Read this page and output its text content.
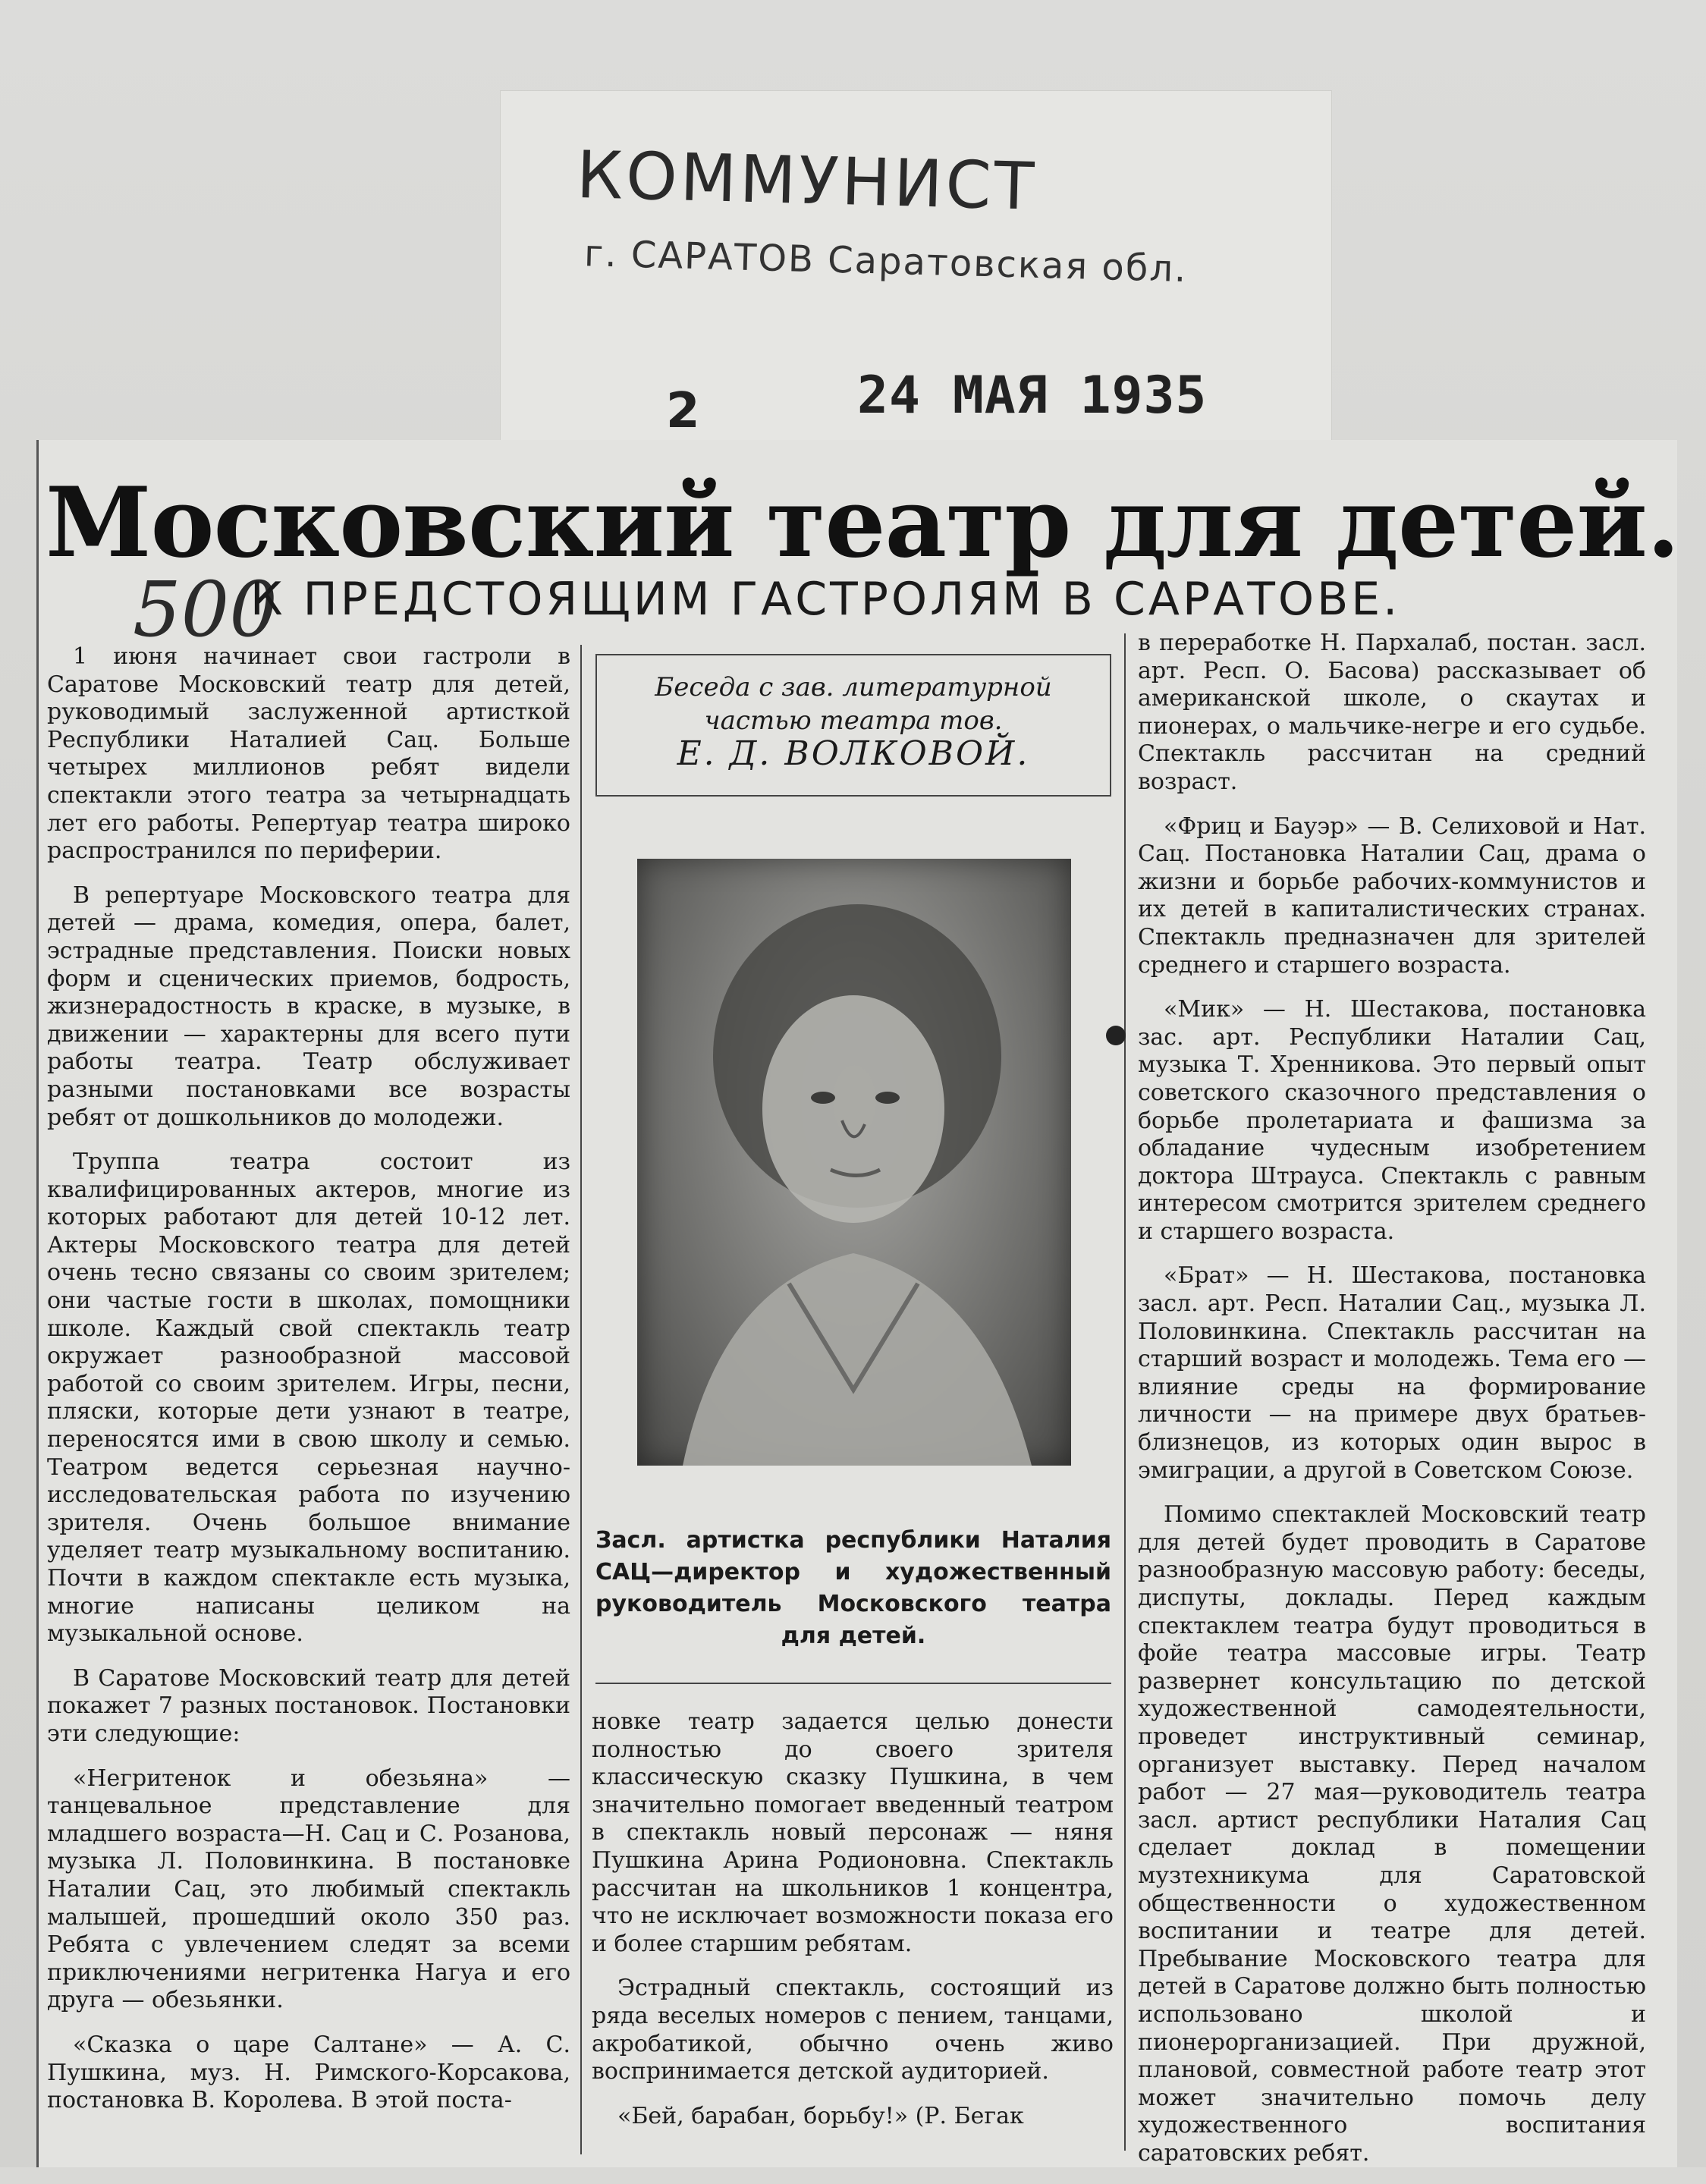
КОММУНИСТ
г. САРАТОВ Саратовская обл.
2	24 МАЯ 1935
Московский театр для детей.
500
К ПРЕДСТОЯЩИМ ГАСТРОЛЯМ В САРАТОВЕ.

1 июня начинает свои гастроли в Саратове Московский театр для детей, руководимый заслуженной артисткой Республики Наталией Сац. Больше четырех миллионов ребят видели спектакли этого театра за четырнадцать лет его работы. Репертуар театра широко распространился по периферии.

В репертуаре Московского театра для детей — драма, комедия, опера, балет, эстрадные представления. Поиски новых форм и сценических приемов, бодрость, жизнерадостность в краске, в музыке, в движении — характерны для всего пути работы театра. Театр обслуживает разными постановками все возрасты ребят от дошкольников до молодежи.

Труппа театра состоит из квалифицированных актеров, многие из которых работают для детей 10-12 лет. Актеры Московского театра для детей очень тесно связаны со своим зрителем; они частые гости в школах, помощники школе. Каждый свой спектакль театр окружает разнообразной массовой работой со своим зрителем. Игры, песни, пляски, которые дети узнают в театре, переносятся ими в свою школу и семью. Театром ведется серьезная научно-исследовательская работа по изучению зрителя. Очень большое внимание уделяет театр музыкальному воспитанию. Почти в каждом спектакле есть музыка, многие написаны целиком на музыкальной основе.

В Саратове Московский театр для детей покажет 7 разных постановок. Постановки эти следующие:

«Негритенок и обезьяна» — танцевальное представление для младшего возраста—Н. Сац и С. Розанова, музыка Л. Половинкина. В постановке Наталии Сац, это любимый спектакль малышей, прошедший около 350 раз. Ребята с увлечением следят за всеми приключениями негритенка Нагуа и его друга — обезьянки.

«Сказка о царе Салтане» — А. С. Пушкина, муз. Н. Римского-Корсакова, постановка В. Королева. В этой поста-

Беседа с зав. литературной
частью театра тов.
Е. Д. ВОЛКОВОЙ.
Засл. артистка республики Наталия САЦ—директор и художественный руководитель Московского театра для детей.

новке театр задается целью донести полностью до своего зрителя классическую сказку Пушкина, в чем значительно помогает введенный театром в спектакль новый персонаж — няня Пушкина Арина Родионовна. Спектакль рассчитан на школьников 1 концентра, что не исключает возможности показа его и более старшим ребятам.

Эстрадный спектакль, состоящий из ряда веселых номеров с пением, танцами, акробатикой, обычно очень живо воспринимается детской аудиторией.

«Бей, барабан, борьбу!» (Р. Бегак

в переработке Н. Пархалаб, постан. засл. арт. Респ. О. Басова) рассказывает об американской школе, о скаутах и пионерах, о мальчике-негре и его судьбе. Спектакль рассчитан на средний возраст.

«Фриц и Бауэр» — В. Селиховой и Нат. Сац. Постановка Наталии Сац, драма о жизни и борьбе рабочих-коммунистов и их детей в капиталистических странах. Спектакль предназначен для зрителей среднего и старшего возраста.

«Мик» — Н. Шестакова, постановка зас. арт. Республики Наталии Сац, музыка Т. Хренникова. Это первый опыт советского сказочного представления о борьбе пролетариата и фашизма за обладание чудесным изобретением доктора Штрауса. Спектакль с равным интересом смотрится зрителем среднего и старшего возраста.

«Брат» — Н. Шестакова, постановка засл. арт. Респ. Наталии Сац., музыка Л. Половинкина. Спектакль рассчитан на старший возраст и молодежь. Тема его — влияние среды на формирование личности — на примере двух братьев-близнецов, из которых один вырос в эмиграции, а другой в Советском Союзе.

Помимо спектаклей Московский театр для детей будет проводить в Саратове разнообразную массовую работу: беседы, диспуты, доклады. Перед каждым спектаклем театра будут проводиться в фойе театра массовые игры. Театр развернет консультацию по детской художественной самодеятельности, проведет инструктивный семинар, организует выставку. Перед началом работ — 27 мая—руководитель театра засл. артист республики Наталия Сац сделает доклад в помещении музтехникума для Саратовской общественности о художественном воспитании и театре для детей. Пребывание Московского театра для детей в Саратове должно быть полностью использовано школой и пионерорганизацией. При дружной, плановой, совместной работе театр этот может значительно помочь делу художественного воспитания саратовских ребят.
